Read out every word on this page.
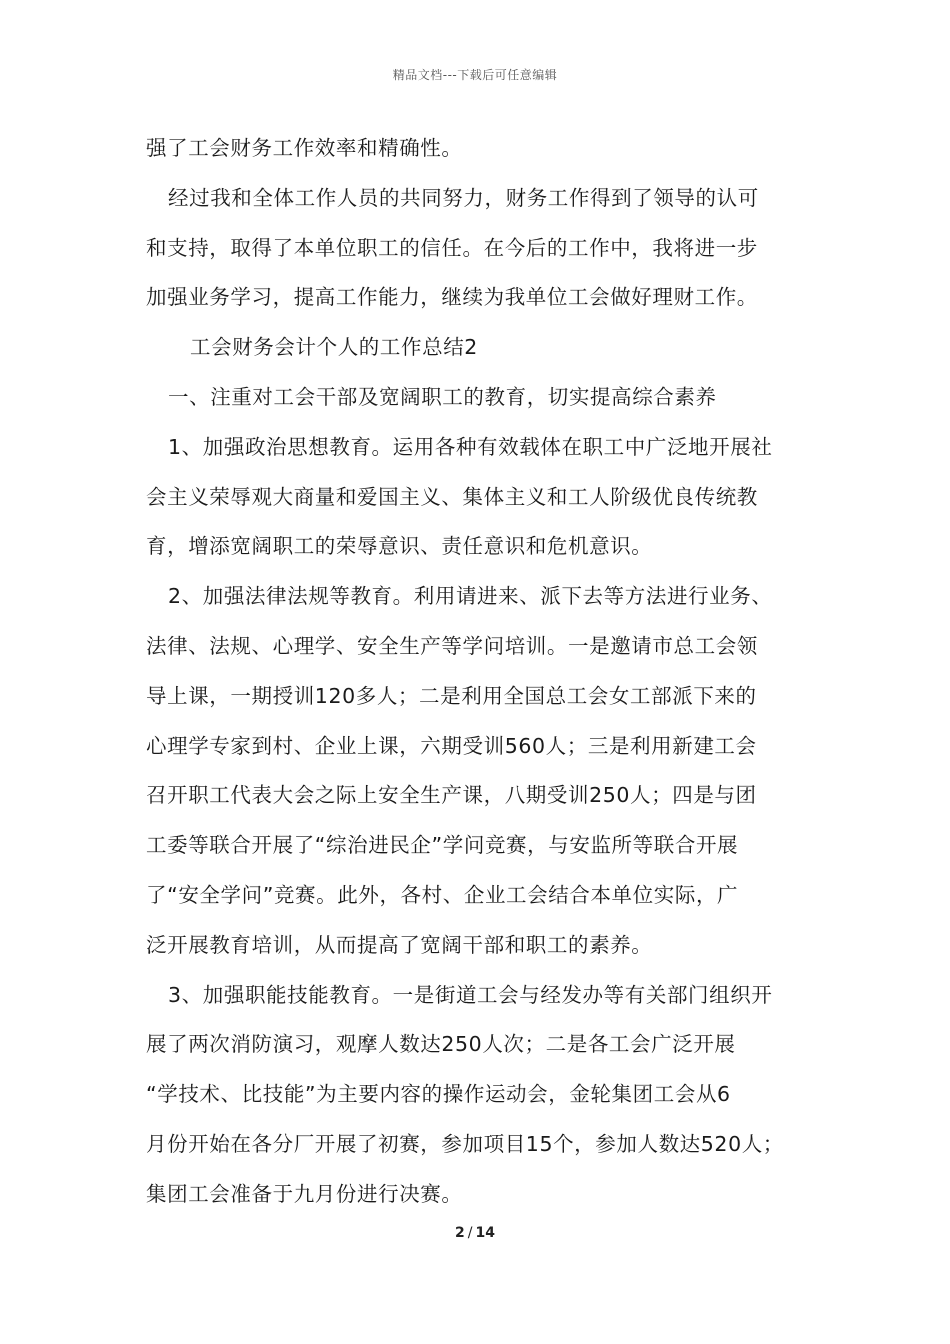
精品文档---下载后可任意编辑
强了工会财务工作效率和精确性。
经过我和全体工作人员的共同努力，财务工作得到了领导的认可
和支持，取得了本单位职工的信任。在今后的工作中，我将进一步
加强业务学习，提高工作能力，继续为我单位工会做好理财工作。
工会财务会计个人的工作总结2
一、注重对工会干部及宽阔职工的教育，切实提高综合素养
1、加强政治思想教育。运用各种有效载体在职工中广泛地开展社
会主义荣辱观大商量和爱国主义、集体主义和工人阶级优良传统教
育，增添宽阔职工的荣辱意识、责任意识和危机意识。
2、加强法律法规等教育。利用请进来、派下去等方法进行业务、
法律、法规、心理学、安全生产等学问培训。一是邀请市总工会领
导上课，一期授训120多人；二是利用全国总工会女工部派下来的
心理学专家到村、企业上课，六期受训560人；三是利用新建工会
召开职工代表大会之际上安全生产课，八期受训250人；四是与团
工委等联合开展了“综治进民企”学问竞赛，与安监所等联合开展
了“安全学问”竞赛。此外，各村、企业工会结合本单位实际，广
泛开展教育培训，从而提高了宽阔干部和职工的素养。
3、加强职能技能教育。一是街道工会与经发办等有关部门组织开
展了两次消防演习，观摩人数达250人次；二是各工会广泛开展
“学技术、比技能”为主要内容的操作运动会，金轮集团工会从6
月份开始在各分厂开展了初赛，参加项目15个，参加人数达520人；
集团工会准备于九月份进行决赛。
2 / 14
